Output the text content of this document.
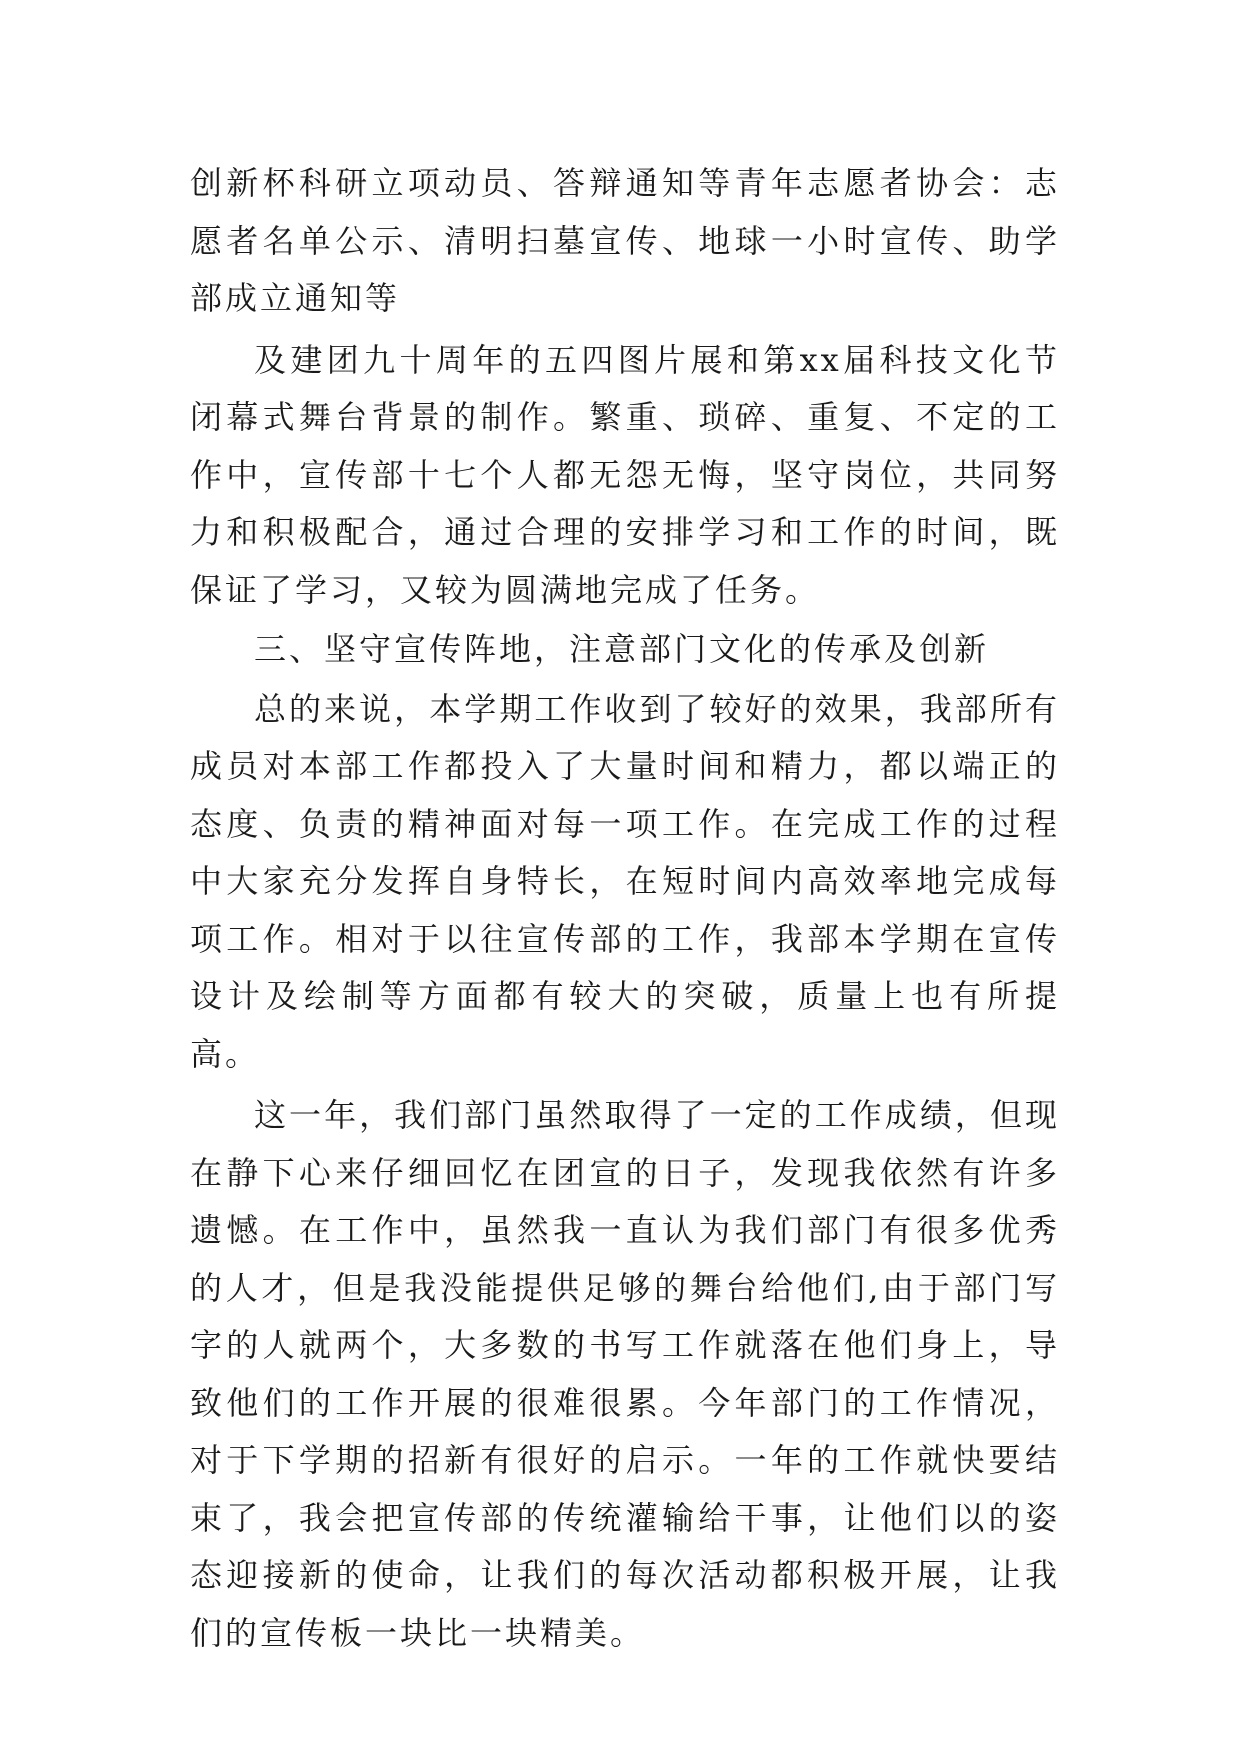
创新杯科研立项动员、答辩通知等青年志愿者协会：志愿者名单公示、清明扫墓宣传、地球一小时宣传、助学部成立通知等

及建团九十周年的五四图片展和第xx届科技文化节闭幕式舞台背景的制作。繁重、琐碎、重复、不定的工作中，宣传部十七个人都无怨无悔，坚守岗位，共同努力和积极配合，通过合理的安排学习和工作的时间，既保证了学习，又较为圆满地完成了任务。

三、坚守宣传阵地，注意部门文化的传承及创新

总的来说，本学期工作收到了较好的效果，我部所有成员对本部工作都投入了大量时间和精力，都以端正的态度、负责的精神面对每一项工作。在完成工作的过程中大家充分发挥自身特长，在短时间内高效率地完成每项工作。相对于以往宣传部的工作，我部本学期在宣传设计及绘制等方面都有较大的突破，质量上也有所提高。

这一年，我们部门虽然取得了一定的工作成绩，但现在静下心来仔细回忆在团宣的日子，发现我依然有许多遗憾。在工作中，虽然我一直认为我们部门有很多优秀的人才，但是我没能提供足够的舞台给他们,由于部门写字的人就两个，大多数的书写工作就落在他们身上，导致他们的工作开展的很难很累。今年部门的工作情况，对于下学期的招新有很好的启示。一年的工作就快要结束了，我会把宣传部的传统灌输给干事，让他们以的姿态迎接新的使命，让我们的每次活动都积极开展，让我们的宣传板一块比一块精美。
